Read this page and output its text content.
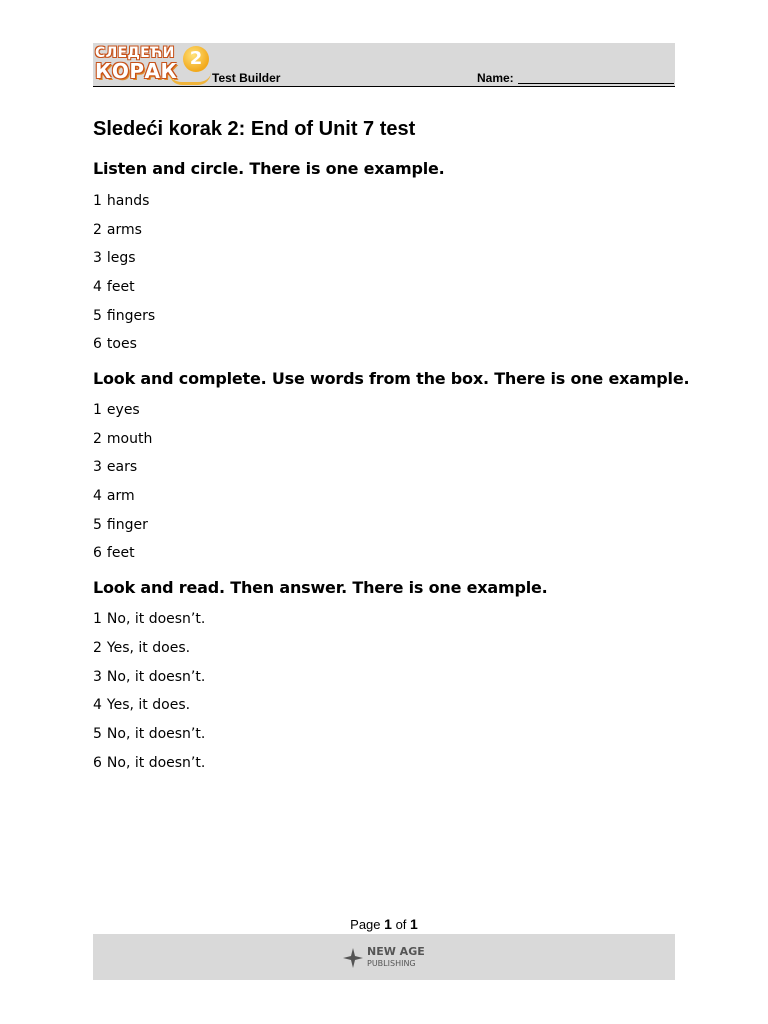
СЛЕДЕЋИ
КОРАК
2
Test Builder	Name:
Sledeći korak 2: End of Unit 7 test
Listen and circle. There is one example.
1 hands
2 arms
3 legs
4 feet
5 fingers
6 toes
Look and complete. Use words from the box. There is one example.
1 eyes
2 mouth
3 ears
4 arm
5 finger
6 feet
Look and read. Then answer. There is one example.
1 No, it doesn’t.
2 Yes, it does.
3 No, it doesn’t.
4 Yes, it does.
5 No, it doesn’t.
6 No, it doesn’t.
Page 1 of 1
NEW AGE
PUBLISHING
